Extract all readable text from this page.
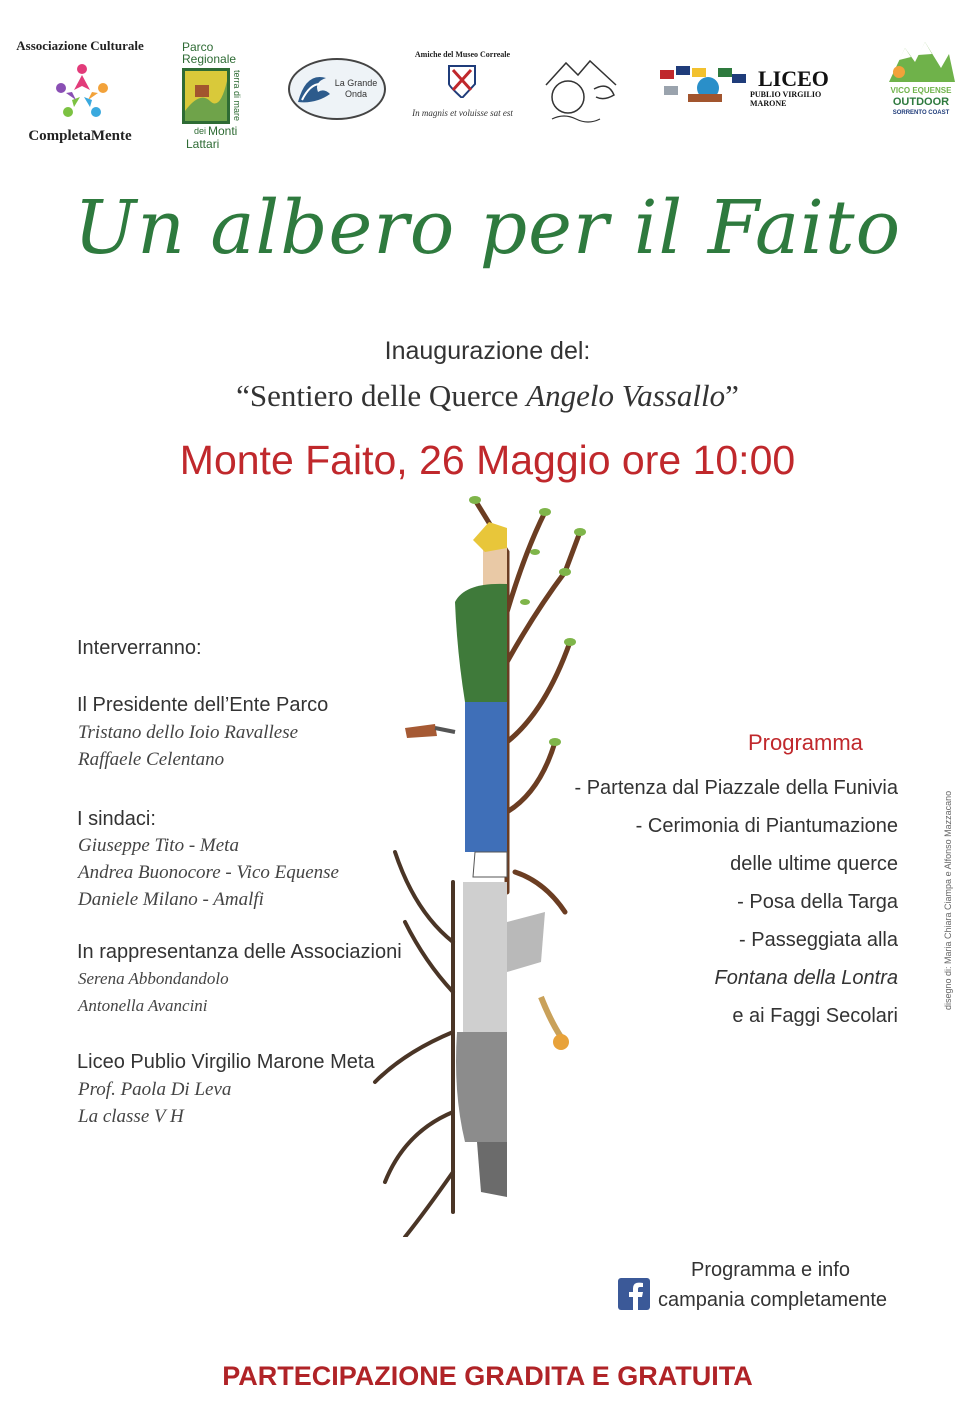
Associazione Culturale
CompletaMente
Parco
Regionale
terra di mare
dei Monti
Lattari
La Grande Onda
Amiche del Museo Correale
In magnis et voluisse sat est
LICEO
PUBLIO VIRGILIO MARONE
VICO EQUENSE
OUTDOOR
SORRENTO COAST
Un albero per il Faito
Inaugurazione del:
“Sentiero delle Querce Angelo Vassallo”
Monte Faito, 26 Maggio ore 10:00
Interverranno:
Il Presidente dell’Ente Parco
Tristano dello Ioio Ravallese
Raffaele Celentano
I sindaci:
Giuseppe Tito - Meta
Andrea Buonocore - Vico Equense
Daniele Milano - Amalfi
In rappresentanza delle Associazioni
Serena Abbondandolo
Antonella Avancini
Liceo Publio Virgilio Marone Meta
Prof. Paola Di Leva
La classe V H
Programma
- Partenza dal Piazzale della Funivia
- Cerimonia di Piantumazione
delle ultime querce
- Posa della Targa
- Passeggiata alla
Fontana della Lontra
e ai Faggi Secolari
disegno di: Maria Chiara Ciampa e Alfonso Mazzacano
Programma e info
campania completamente
PARTECIPAZIONE GRADITA E GRATUITA
